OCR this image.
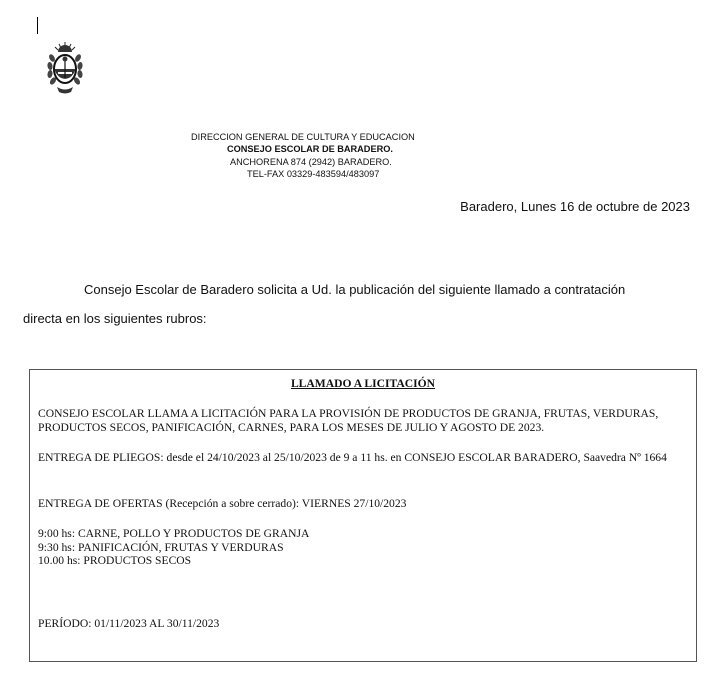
DIRECCION GENERAL DE CULTURA Y EDUCACION
CONSEJO ESCOLAR DE BARADERO.
ANCHORENA 874 (2942) BARADERO.
TEL-FAX 03329-483594/483097
Baradero, Lunes 16 de octubre de 2023
Consejo Escolar de Baradero solicita a Ud. la publicación del siguiente llamado a contratación
directa en los siguientes rubros:
LLAMADO A LICITACIÓN

CONSEJO ESCOLAR LLAMA A LICITACIÓN PARA LA PROVISIÓN DE PRODUCTOS DE GRANJA, FRUTAS, VERDURAS, PRODUCTOS SECOS, PANIFICACIÓN, CARNES, PARA LOS MESES DE JULIO Y AGOSTO DE 2023.

ENTREGA DE PLIEGOS: desde el 24/10/2023 al 25/10/2023 de 9 a 11 hs. en CONSEJO ESCOLAR BARADERO, Saavedra Nº 1664

ENTREGA DE OFERTAS (Recepción a sobre cerrado): VIERNES 27/10/2023

9:00 hs: CARNE, POLLO Y PRODUCTOS DE GRANJA
9:30 hs: PANIFICACIÓN, FRUTAS Y VERDURAS
10.00 hs: PRODUCTOS SECOS

PERÍODO: 01/11/2023 AL 30/11/2023
